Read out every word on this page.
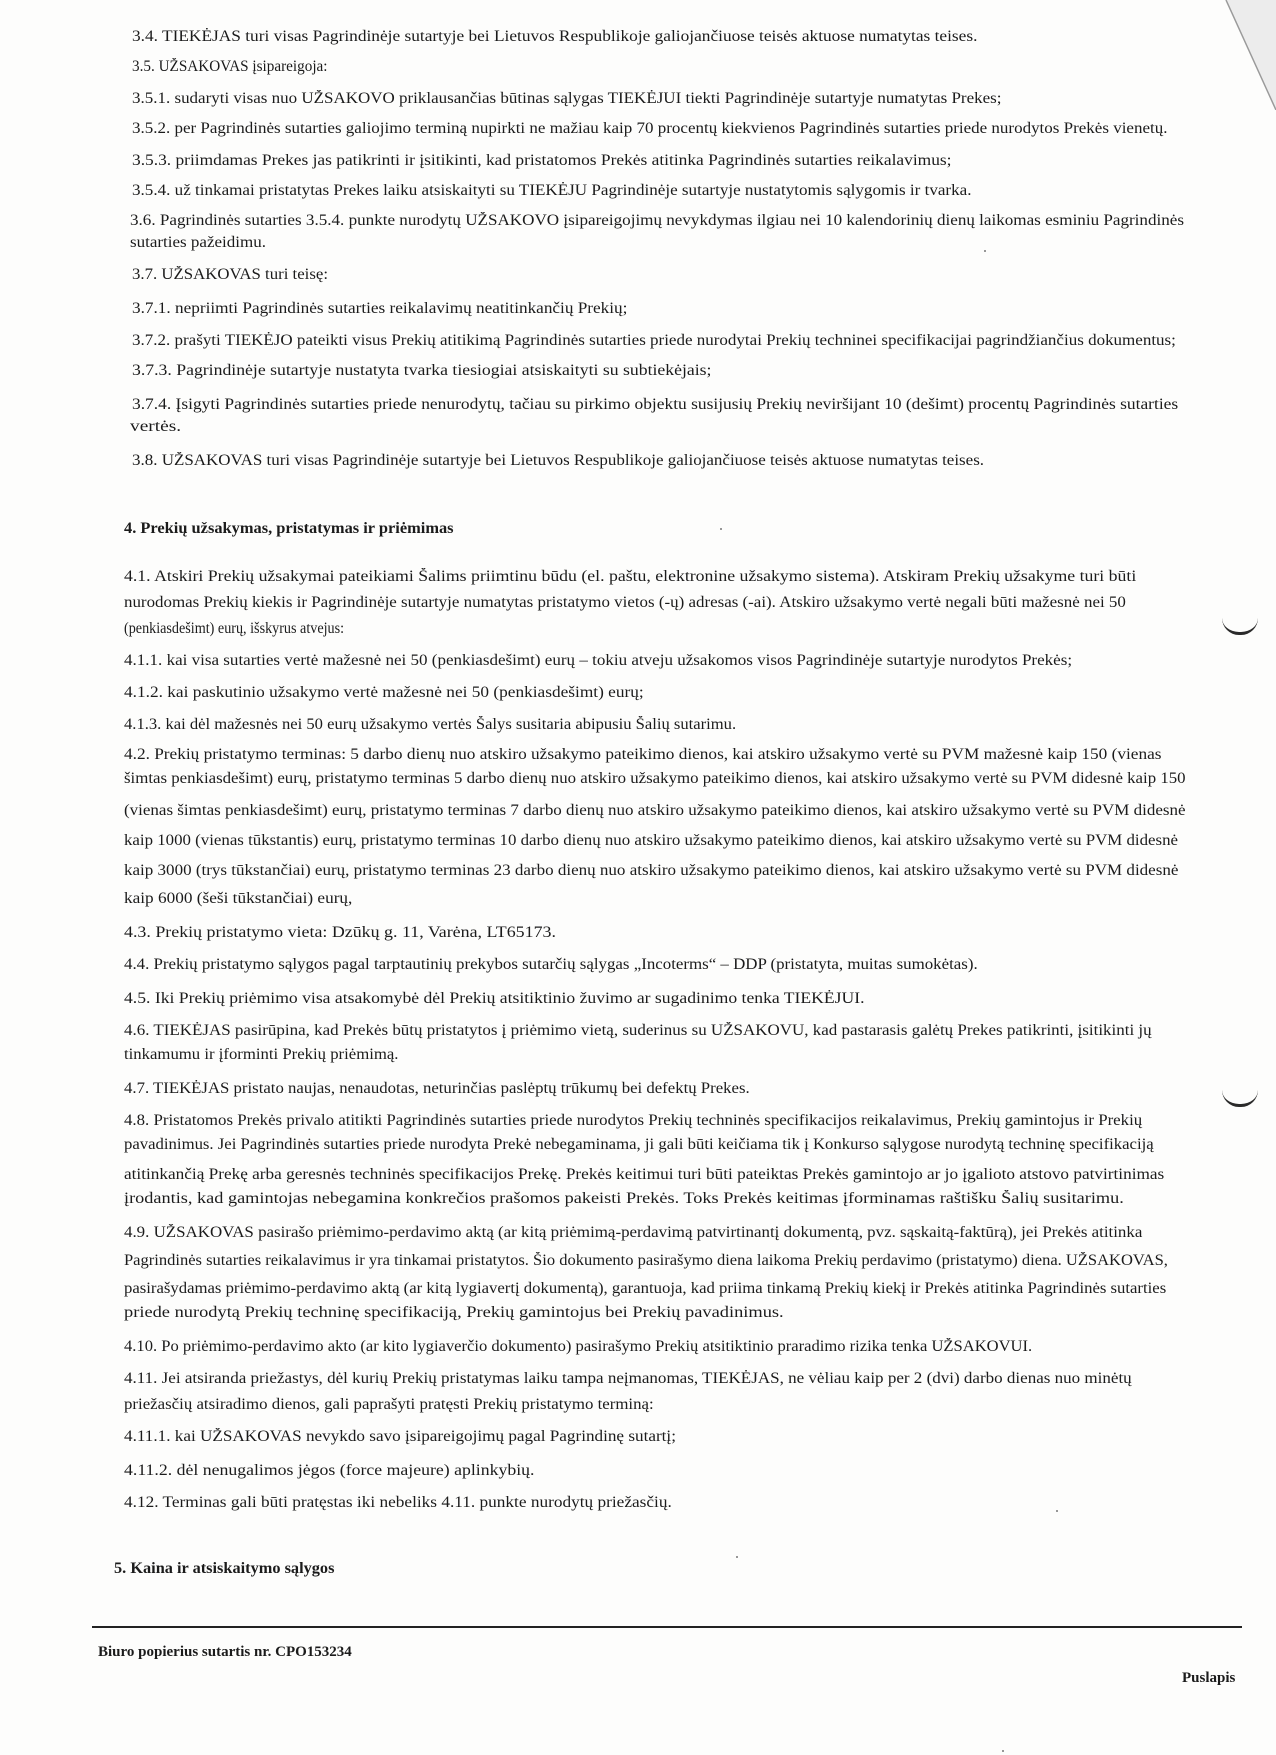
3.4. TIEKĖJAS turi visas Pagrindinėje sutartyje bei Lietuvos Respublikoje galiojančiuose teisės aktuose numatytas teises.
3.5. UŽSAKOVAS įsipareigoja:
3.5.1. sudaryti visas nuo UŽSAKOVO priklausančias būtinas sąlygas TIEKĖJUI tiekti Pagrindinėje sutartyje numatytas Prekes;
3.5.2. per Pagrindinės sutarties galiojimo terminą nupirkti ne mažiau kaip 70 procentų kiekvienos Pagrindinės sutarties priede nurodytos Prekės vienetų.
3.5.3. priimdamas Prekes jas patikrinti ir įsitikinti, kad pristatomos Prekės atitinka Pagrindinės sutarties reikalavimus;
3.5.4. už tinkamai pristatytas Prekes laiku atsiskaityti su TIEKĖJU Pagrindinėje sutartyje nustatytomis sąlygomis ir tvarka.
3.6. Pagrindinės sutarties 3.5.4. punkte nurodytų UŽSAKOVO įsipareigojimų nevykdymas ilgiau nei 10 kalendorinių dienų laikomas esminiu Pagrindinės
sutarties pažeidimu.
3.7. UŽSAKOVAS turi teisę:
3.7.1. nepriimti Pagrindinės sutarties reikalavimų neatitinkančių Prekių;
3.7.2. prašyti TIEKĖJO pateikti visus Prekių atitikimą Pagrindinės sutarties priede nurodytai Prekių techninei specifikacijai pagrindžiančius dokumentus;
3.7.3. Pagrindinėje sutartyje nustatyta tvarka tiesiogiai atsiskaityti su subtiekėjais;
3.7.4. Įsigyti Pagrindinės sutarties priede nenurodytų, tačiau su pirkimo objektu susijusių Prekių neviršijant 10 (dešimt) procentų Pagrindinės sutarties
vertės.
3.8. UŽSAKOVAS turi visas Pagrindinėje sutartyje bei Lietuvos Respublikoje galiojančiuose teisės aktuose numatytas teises.
4. Prekių užsakymas, pristatymas ir priėmimas
4.1. Atskiri Prekių užsakymai pateikiami Šalims priimtinu būdu (el. paštu, elektronine užsakymo sistema). Atskiram Prekių užsakyme turi būti
nurodomas Prekių kiekis ir Pagrindinėje sutartyje numatytas pristatymo vietos (-ų) adresas (-ai). Atskiro užsakymo vertė negali būti mažesnė nei 50
(penkiasdešimt) eurų, išskyrus atvejus:
4.1.1. kai visa sutarties vertė mažesnė nei 50 (penkiasdešimt) eurų – tokiu atveju užsakomos visos Pagrindinėje sutartyje nurodytos Prekės;
4.1.2. kai paskutinio užsakymo vertė mažesnė nei 50 (penkiasdešimt) eurų;
4.1.3. kai dėl mažesnės nei 50 eurų užsakymo vertės Šalys susitaria abipusiu Šalių sutarimu.
4.2. Prekių pristatymo terminas: 5 darbo dienų nuo atskiro užsakymo pateikimo dienos, kai atskiro užsakymo vertė su PVM mažesnė kaip 150 (vienas
šimtas penkiasdešimt) eurų, pristatymo terminas 5 darbo dienų nuo atskiro užsakymo pateikimo dienos, kai atskiro užsakymo vertė su PVM didesnė kaip 150
(vienas šimtas penkiasdešimt) eurų, pristatymo terminas 7 darbo dienų nuo atskiro užsakymo pateikimo dienos, kai atskiro užsakymo vertė su PVM didesnė
kaip 1000 (vienas tūkstantis) eurų, pristatymo terminas 10 darbo dienų nuo atskiro užsakymo pateikimo dienos, kai atskiro užsakymo vertė su PVM didesnė
kaip 3000 (trys tūkstančiai) eurų, pristatymo terminas 23 darbo dienų nuo atskiro užsakymo pateikimo dienos, kai atskiro užsakymo vertė su PVM didesnė
kaip 6000 (šeši tūkstančiai) eurų,
4.3. Prekių pristatymo vieta: Dzūkų g. 11, Varėna, LT65173.
4.4. Prekių pristatymo sąlygos pagal tarptautinių prekybos sutarčių sąlygas „Incoterms“ – DDP (pristatyta, muitas sumokėtas).
4.5. Iki Prekių priėmimo visa atsakomybė dėl Prekių atsitiktinio žuvimo ar sugadinimo tenka TIEKĖJUI.
4.6. TIEKĖJAS pasirūpina, kad Prekės būtų pristatytos į priėmimo vietą, suderinus su UŽSAKOVU, kad pastarasis galėtų Prekes patikrinti, įsitikinti jų
tinkamumu ir įforminti Prekių priėmimą.
4.7. TIEKĖJAS pristato naujas, nenaudotas, neturinčias paslėptų trūkumų bei defektų Prekes.
4.8. Pristatomos Prekės privalo atitikti Pagrindinės sutarties priede nurodytos Prekių techninės specifikacijos reikalavimus, Prekių gamintojus ir Prekių
pavadinimus. Jei Pagrindinės sutarties priede nurodyta Prekė nebegaminama, ji gali būti keičiama tik į Konkurso sąlygose nurodytą techninę specifikaciją
atitinkančią Prekę arba geresnės techninės specifikacijos Prekę. Prekės keitimui turi būti pateiktas Prekės gamintojo ar jo įgalioto atstovo patvirtinimas
įrodantis, kad gamintojas nebegamina konkrečios prašomos pakeisti Prekės. Toks Prekės keitimas įforminamas raštišku Šalių susitarimu.
4.9. UŽSAKOVAS pasirašo priėmimo-perdavimo aktą (ar kitą priėmimą-perdavimą patvirtinantį dokumentą, pvz. sąskaitą-faktūrą), jei Prekės atitinka
Pagrindinės sutarties reikalavimus ir yra tinkamai pristatytos. Šio dokumento pasirašymo diena laikoma Prekių perdavimo (pristatymo) diena. UŽSAKOVAS,
pasirašydamas priėmimo-perdavimo aktą (ar kitą lygiavertį dokumentą), garantuoja, kad priima tinkamą Prekių kiekį ir Prekės atitinka Pagrindinės sutarties
priede nurodytą Prekių techninę specifikaciją, Prekių gamintojus bei Prekių pavadinimus.
4.10. Po priėmimo-perdavimo akto (ar kito lygiaverčio dokumento) pasirašymo Prekių atsitiktinio praradimo rizika tenka UŽSAKOVUI.
4.11. Jei atsiranda priežastys, dėl kurių Prekių pristatymas laiku tampa neįmanomas, TIEKĖJAS, ne vėliau kaip per 2 (dvi) darbo dienas nuo minėtų
priežasčių atsiradimo dienos, gali paprašyti pratęsti Prekių pristatymo terminą:
4.11.1. kai UŽSAKOVAS nevykdo savo įsipareigojimų pagal Pagrindinę sutartį;
4.11.2. dėl nenugalimos jėgos (force majeure) aplinkybių.
4.12. Terminas gali būti pratęstas iki nebeliks 4.11. punkte nurodytų priežasčių.
5. Kaina ir atsiskaitymo sąlygos
Biuro popierius sutartis nr. CPO153234
Puslapis
